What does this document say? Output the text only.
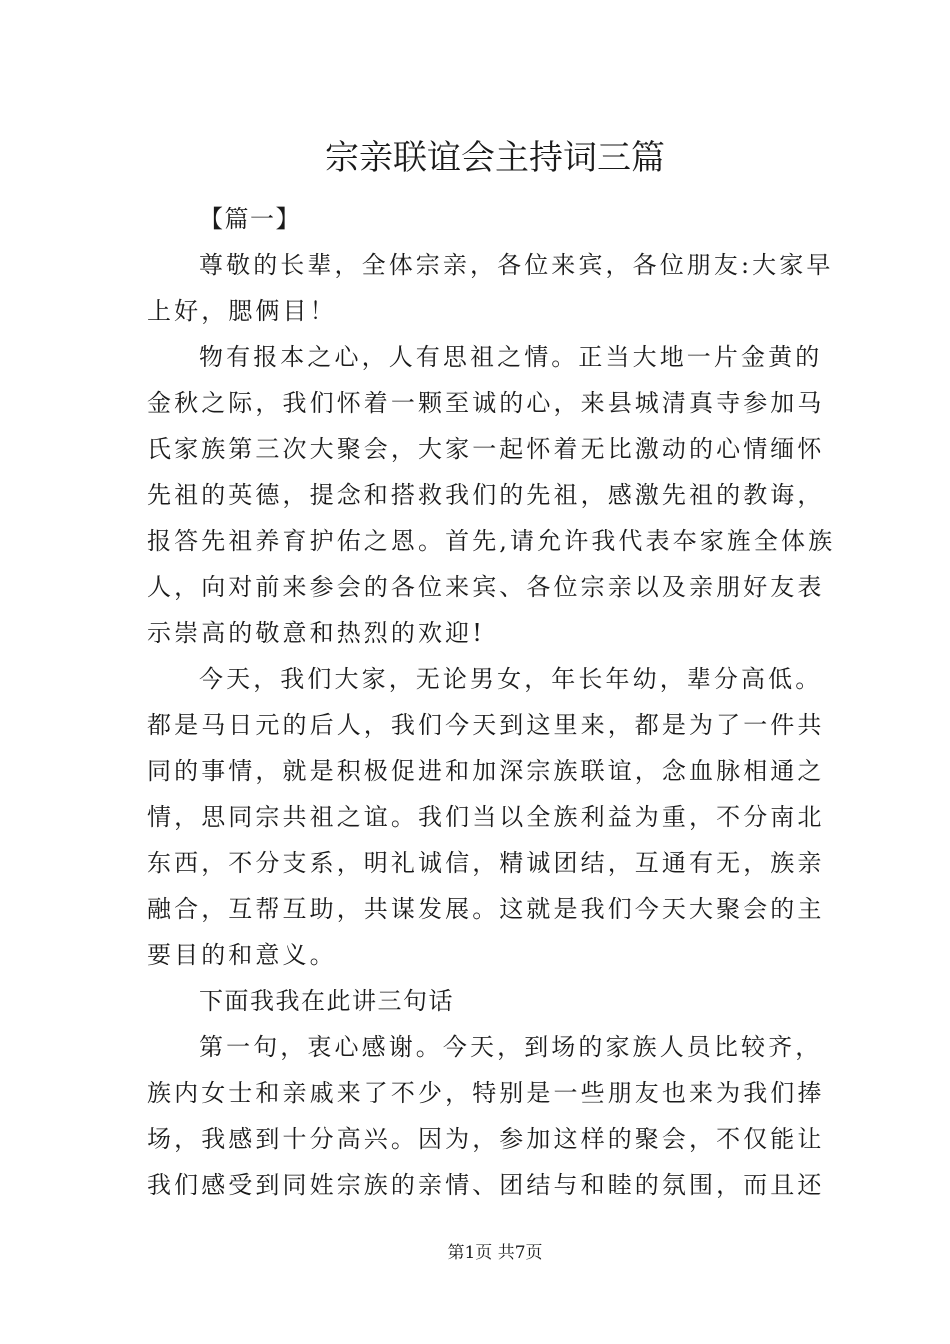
宗亲联谊会主持词三篇
【篇一】
尊敬的长辈，全体宗亲，各位来宾，各位朋友:大家早
上好，腮俩目！
物有报本之心，人有思祖之情。正当大地一片金黄的
金秋之际，我们怀着一颗至诚的心，来县城清真寺参加马
氏家族第三次大聚会，大家一起怀着无比激动的心情缅怀
先祖的英德，提念和搭救我们的先祖，感激先祖的教诲，
报答先祖养育护佑之恩。首先,请允许我代表夲家旌全体族
人，向对前来参会的各位来宾、各位宗亲以及亲朋好友表
示崇高的敬意和热烈的欢迎!
今天，我们大家，无论男女，年长年幼，辈分高低。
都是马日元的后人，我们今天到这里来，都是为了一件共
同的事情，就是积极促进和加深宗族联谊，念血脉相通之
情，思同宗共祖之谊。我们当以全族利益为重，不分南北
东西，不分支系，明礼诚信，精诚团结，互通有无，族亲
融合，互帮互助，共谋发展。这就是我们今天大聚会的主
要目的和意义。
下面我我在此讲三句话
第一句，衷心感谢。今天，到场的家族人员比较齐，
族内女士和亲戚来了不少，特别是一些朋友也来为我们捧
场，我感到十分高兴。因为，参加这样的聚会，不仅能让
我们感受到同姓宗族的亲情、团结与和睦的氛围，而且还
第1页 共7页
